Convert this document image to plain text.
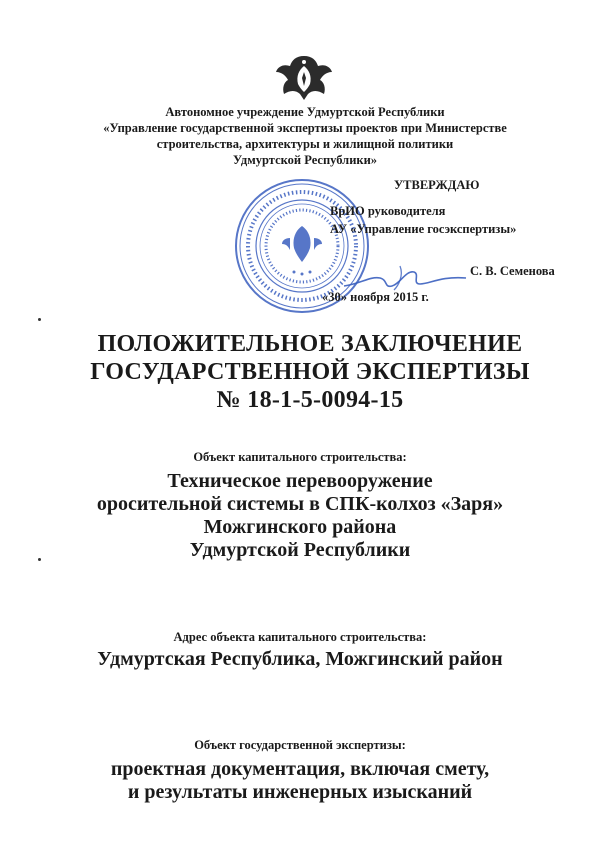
Автономное учреждение Удмуртской Республики
«Управление государственной экспертизы проектов при Министерстве
строительства, архитектуры и жилищной политики
Удмуртской Республики»
УТВЕРЖДАЮ
ВрИО руководителя
АУ «Управление госэкспертизы»
С. В. Семенова
«30» ноября 2015 г.
ПОЛОЖИТЕЛЬНОЕ ЗАКЛЮЧЕНИЕ
ГОСУДАРСТВЕННОЙ ЭКСПЕРТИЗЫ
№ 18-1-5-0094-15
Объект капитального строительства:
Техническое перевооружение
оросительной системы в СПК-колхоз «Заря»
Можгинского района
Удмуртской Республики
Адрес объекта капитального строительства:
Удмуртская Республика, Можгинский район
Объект государственной экспертизы:
проектная документация, включая смету,
и результаты инженерных изысканий
